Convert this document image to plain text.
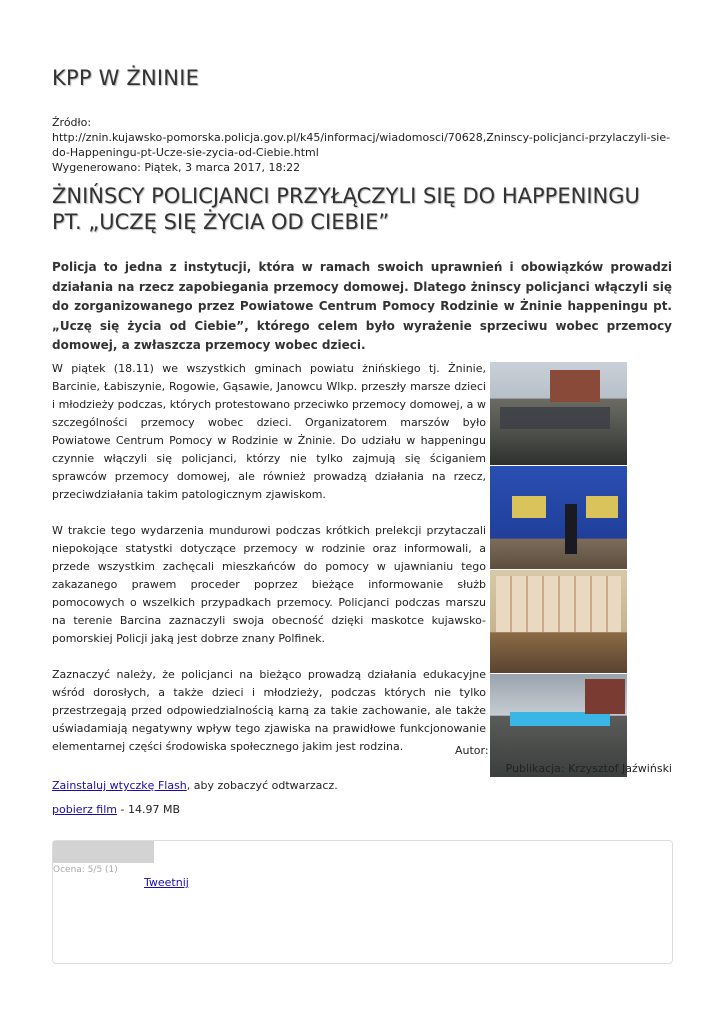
KPP W ŻNINIE
Źródło:
http://znin.kujawsko-pomorska.policja.gov.pl/k45/informacj/wiadomosci/70628,Zninscy-policjanci-przylaczyli-sie-do-Happeningu-pt-Ucze-sie-zycia-od-Ciebie.html
Wygenerowano: Piątek, 3 marca 2017, 18:22
ŻNIŃSCY POLICJANCI PRZYŁĄCZYLI SIĘ DO HAPPENINGU PT. „UCZĘ SIĘ ŻYCIA OD CIEBIE”
Policja to jedna z instytucji, która w ramach swoich uprawnień i obowiązków prowadzi działania na rzecz zapobiegania przemocy domowej. Dlatego żninscy policjanci włączyli się do zorganizowanego przez Powiatowe Centrum Pomocy Rodzinie w Żninie happeningu pt. „Uczę się życia od Ciebie”, którego celem było wyrażenie sprzeciwu wobec przemocy domowej, a zwłaszcza przemocy wobec dzieci.

W piątek (18.11) we wszystkich gminach powiatu żnińskiego tj. Żninie, Barcinie, Łabiszynie, Rogowie, Gąsawie, Janowcu Wlkp. przeszły marsze dzieci i młodzieży podczas, których protestowano przeciwko przemocy domowej, a w szczególności przemocy wobec dzieci. Organizatorem marszów było Powiatowe Centrum Pomocy w Rodzinie w Żninie. Do udziału w happeningu czynnie włączyli się policjanci, którzy nie tylko zajmują się ściganiem sprawców przemocy domowej, ale również prowadzą działania na rzecz, przeciwdziałania takim patologicznym zjawiskom.

W trakcie tego wydarzenia mundurowi podczas krótkich prelekcji przytaczali niepokojące statystki dotyczące przemocy w rodzinie oraz informowali, a przede wszystkim zachęcali mieszkańców do pomocy w ujawnianiu tego zakazanego prawem proceder poprzez bieżące informowanie służb pomocowych o wszelkich przypadkach przemocy. Policjanci podczas marszu na terenie Barcina zaznaczyli swoja obecność dzięki maskotce kujawsko-pomorskiej Policji jaką jest dobrze znany Polfinek.

Zaznaczyć należy, że policjanci na bieżąco prowadzą działania edukacyjne wśród dorosłych, a także dzieci i młodzieży, podczas których nie tylko przestrzegają przed odpowiedzialnością karną za takie zachowanie, ale także uświadamiają negatywny wpływ tego zjawiska na prawidłowe funkcjonowanie elementarnej części środowiska społecznego jakim jest rodzina.	Autor:
Publikacja: Krzysztof Jaźwiński
Zainstaluj wtyczkę Flash, aby zobaczyć odtwarzacz.
pobierz film - 14.97 MB
Ocena: 5/5 (1)
Tweetnij
